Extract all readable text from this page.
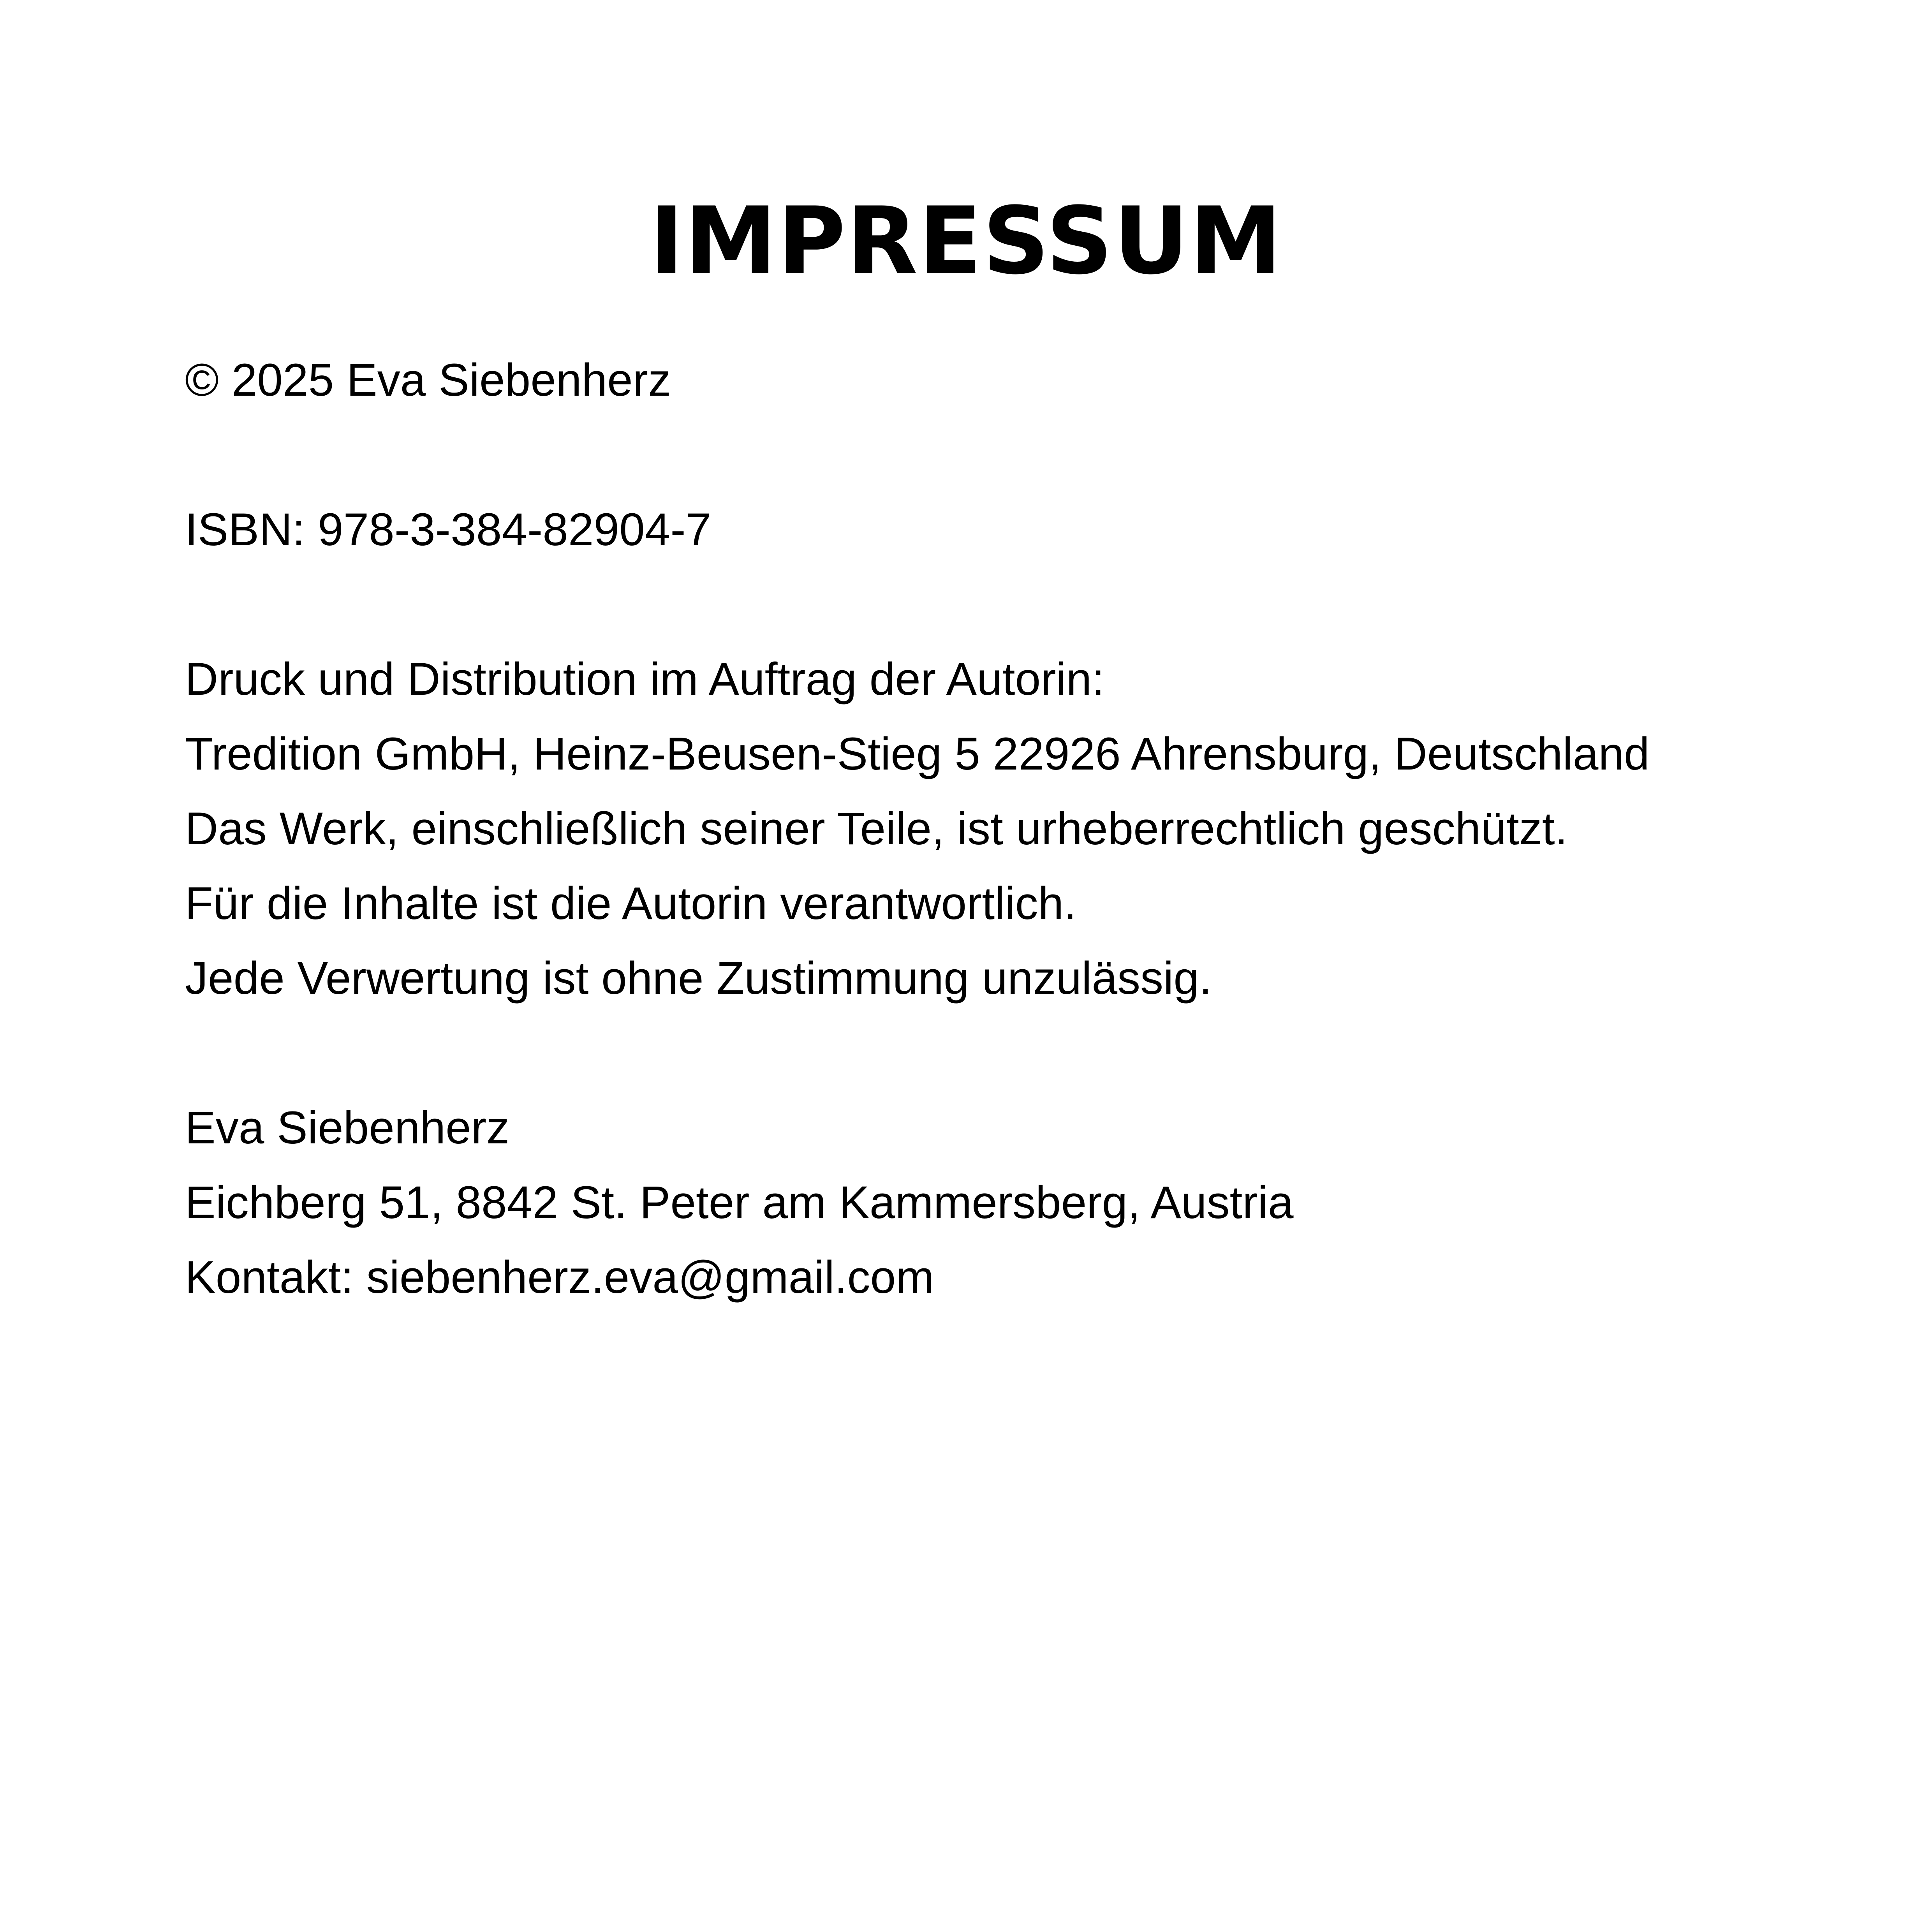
IMPRESSUM

© 2025 Eva Siebenherz

ISBN: 978-3-384-82904-7

Druck und Distribution im Auftrag der Autorin:
Tredition GmbH, Heinz-Beusen-Stieg 5 22926 Ahrensburg, Deutschland
Das Werk, einschließlich seiner Teile, ist urheberrechtlich geschützt.
Für die Inhalte ist die Autorin verantwortlich.
Jede Verwertung ist ohne Zustimmung unzulässig.
Eva Siebenherz
Eichberg 51, 8842 St. Peter am Kammersberg, Austria
Kontakt: siebenherz.eva@gmail.com
